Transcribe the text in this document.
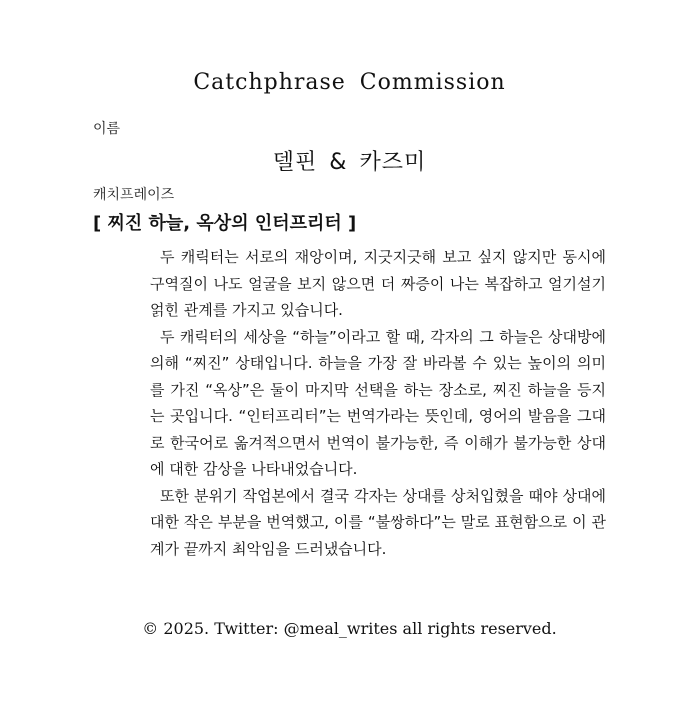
Catchphrase Commission
이름
델핀 & 카즈미
캐치프레이즈
[ 찌진 하늘, 옥상의 인터프리터 ]

두 캐릭터는 서로의 재앙이며, 지긋지긋해 보고 싶지 않지만 동시에 구역질이 나도 얼굴을 보지 않으면 더 짜증이 나는 복잡하고 얼기설기 얽힌 관계를 가지고 있습니다.

두 캐릭터의 세상을 “하늘”이라고 할 때, 각자의 그 하늘은 상대방에 의해 “찌진” 상태입니다. 하늘을 가장 잘 바라볼 수 있는 높이의 의미를 가진 “옥상”은 둘이 마지막 선택을 하는 장소로, 찌진 하늘을 등지는 곳입니다. “인터프리터”는 번역가라는 뜻인데, 영어의 발음을 그대로 한국어로 옮겨적으면서 번역이 불가능한, 즉 이해가 불가능한 상대에 대한 감상을 나타내었습니다.

또한 분위기 작업본에서 결국 각자는 상대를 상처입혔을 때야 상대에 대한 작은 부분을 번역했고, 이를 “불쌍하다”는 말로 표현함으로 이 관계가 끝까지 최악임을 드러냈습니다.

© 2025. Twitter: @meal_writes all rights reserved.
